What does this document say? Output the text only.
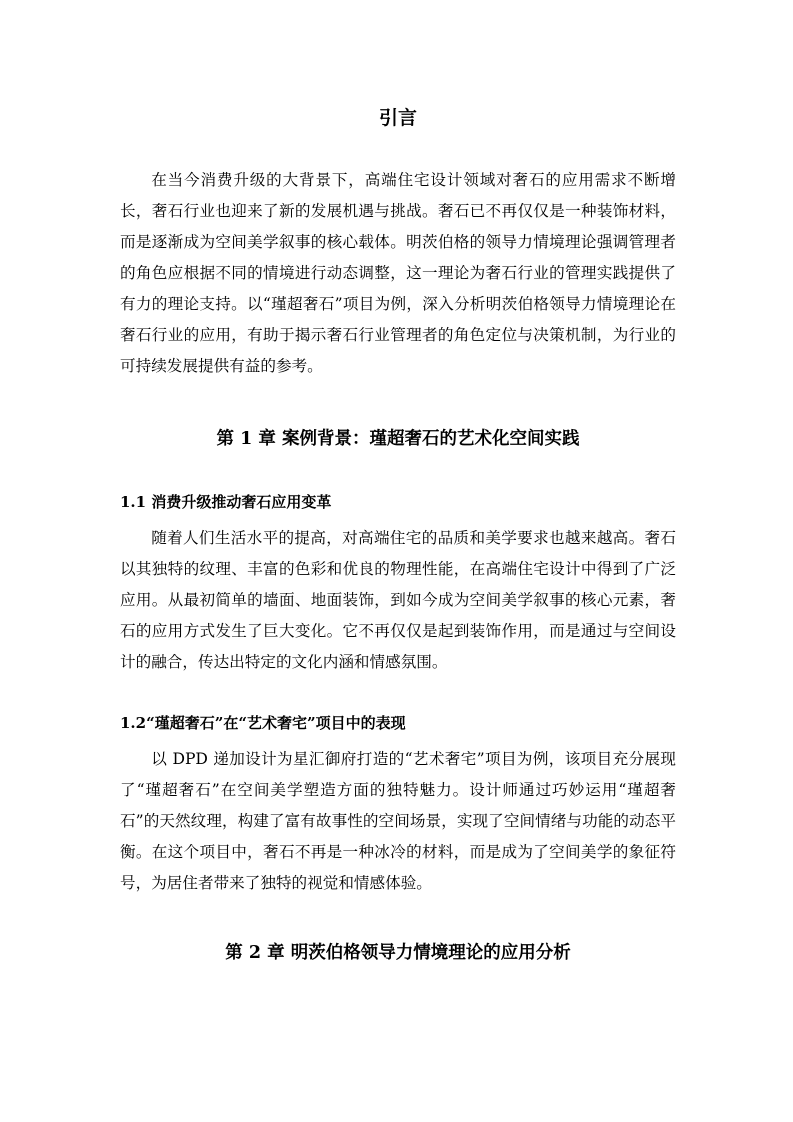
引言

在当今消费升级的大背景下，高端住宅设计领域对奢石的应用需求不断增长，奢石行业也迎来了新的发展机遇与挑战。奢石已不再仅仅是一种装饰材料，而是逐渐成为空间美学叙事的核心载体。明茨伯格的领导力情境理论强调管理者的角色应根据不同的情境进行动态调整，这一理论为奢石行业的管理实践提供了有力的理论支持。以“瑾超奢石”项目为例，深入分析明茨伯格领导力情境理论在奢石行业的应用，有助于揭示奢石行业管理者的角色定位与决策机制，为行业的可持续发展提供有益的参考。

第 1 章 案例背景：瑾超奢石的艺术化空间实践
1.1 消费升级推动奢石应用变革

随着人们生活水平的提高，对高端住宅的品质和美学要求也越来越高。奢石以其独特的纹理、丰富的色彩和优良的物理性能，在高端住宅设计中得到了广泛应用。从最初简单的墙面、地面装饰，到如今成为空间美学叙事的核心元素，奢石的应用方式发生了巨大变化。它不再仅仅是起到装饰作用，而是通过与空间设计的融合，传达出特定的文化内涵和情感氛围。

1.2“瑾超奢石”在“艺术奢宅”项目中的表现

以 DPD 递加设计为星汇御府打造的“艺术奢宅”项目为例，该项目充分展现了“瑾超奢石”在空间美学塑造方面的独特魅力。设计师通过巧妙运用“瑾超奢石”的天然纹理，构建了富有故事性的空间场景，实现了空间情绪与功能的动态平衡。在这个项目中，奢石不再是一种冰冷的材料，而是成为了空间美学的象征符号，为居住者带来了独特的视觉和情感体验。

第 2 章 明茨伯格领导力情境理论的应用分析
